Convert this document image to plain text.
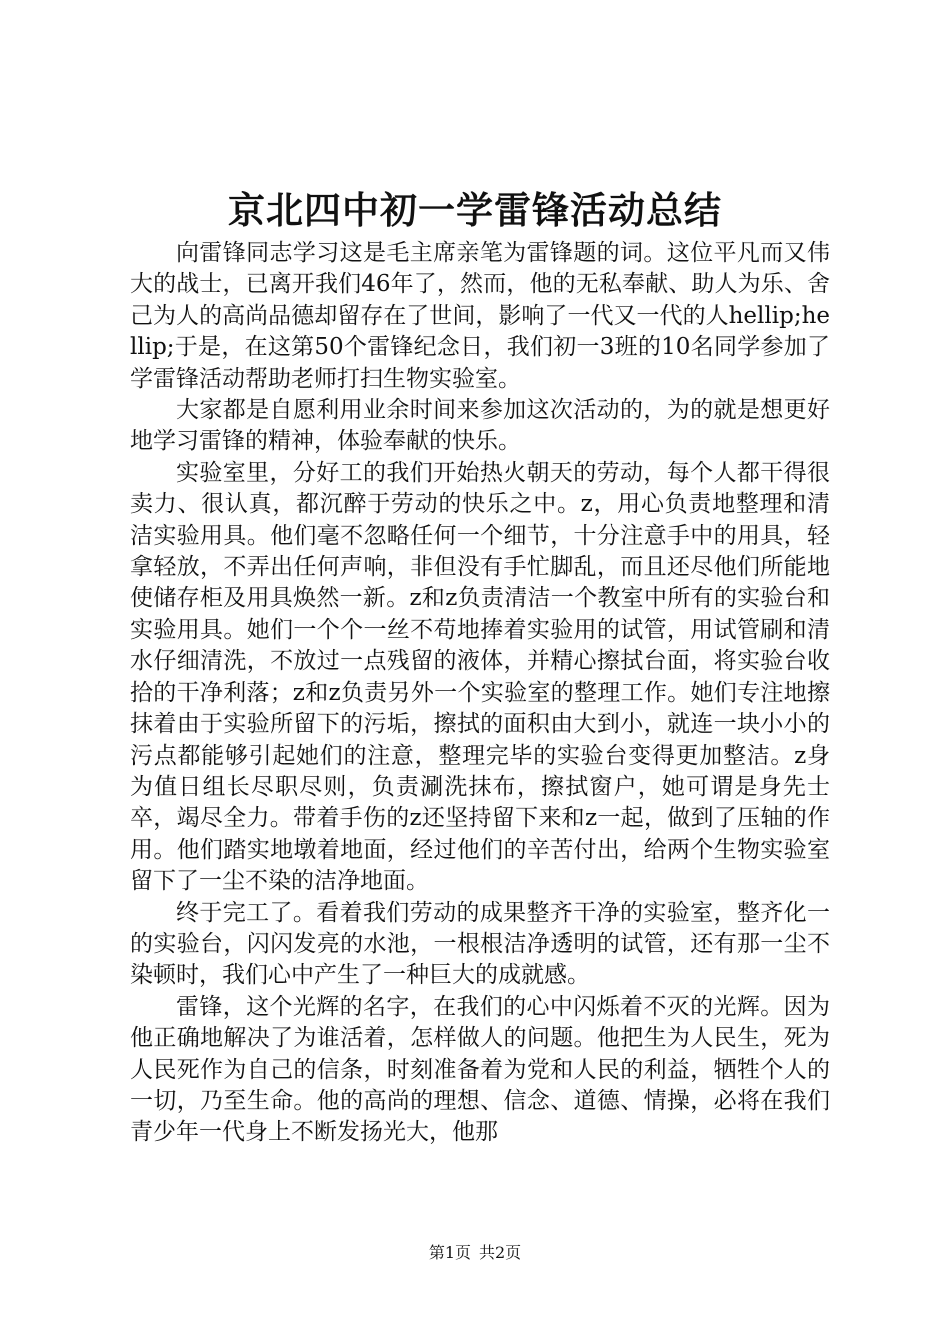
京北四中初一学雷锋活动总结

向雷锋同志学习这是毛主席亲笔为雷锋题的词。这位平凡而又伟大的战士，已离开我们46年了，然而，他的无私奉献、助人为乐、舍己为人的高尚品德却留存在了世间，影响了一代又一代的人hellip;hellip;于是，在这第50个雷锋纪念日，我们初一3班的10名同学参加了学雷锋活动帮助老师打扫生物实验室。

大家都是自愿利用业余时间来参加这次活动的，为的就是想更好地学习雷锋的精神，体验奉献的快乐。

实验室里，分好工的我们开始热火朝天的劳动，每个人都干得很卖力、很认真，都沉醉于劳动的快乐之中。z，用心负责地整理和清洁实验用具。他们毫不忽略任何一个细节，十分注意手中的用具，轻拿轻放，不弄出任何声响，非但没有手忙脚乱，而且还尽他们所能地使储存柜及用具焕然一新。z和z负责清洁一个教室中所有的实验台和实验用具。她们一个个一丝不苟地捧着实验用的试管，用试管刷和清水仔细清洗，不放过一点残留的液体，并精心擦拭台面，将实验台收拾的干净利落；z和z负责另外一个实验室的整理工作。她们专注地擦抹着由于实验所留下的污垢，擦拭的面积由大到小，就连一块小小的污点都能够引起她们的注意，整理完毕的实验台变得更加整洁。z身为值日组长尽职尽则，负责涮洗抹布，擦拭窗户，她可谓是身先士卒，竭尽全力。带着手伤的z还坚持留下来和z一起，做到了压轴的作用。他们踏实地墩着地面，经过他们的辛苦付出，给两个生物实验室留下了一尘不染的洁净地面。

终于完工了。看着我们劳动的成果整齐干净的实验室，整齐化一的实验台，闪闪发亮的水池，一根根洁净透明的试管，还有那一尘不染顿时，我们心中产生了一种巨大的成就感。

雷锋，这个光辉的名字，在我们的心中闪烁着不灭的光辉。因为他正确地解决了为谁活着，怎样做人的问题。他把生为人民生，死为人民死作为自己的信条，时刻准备着为党和人民的利益，牺牲个人的一切，乃至生命。他的高尚的理想、信念、道德、情操，必将在我们青少年一代身上不断发扬光大，他那

第1页 共2页
